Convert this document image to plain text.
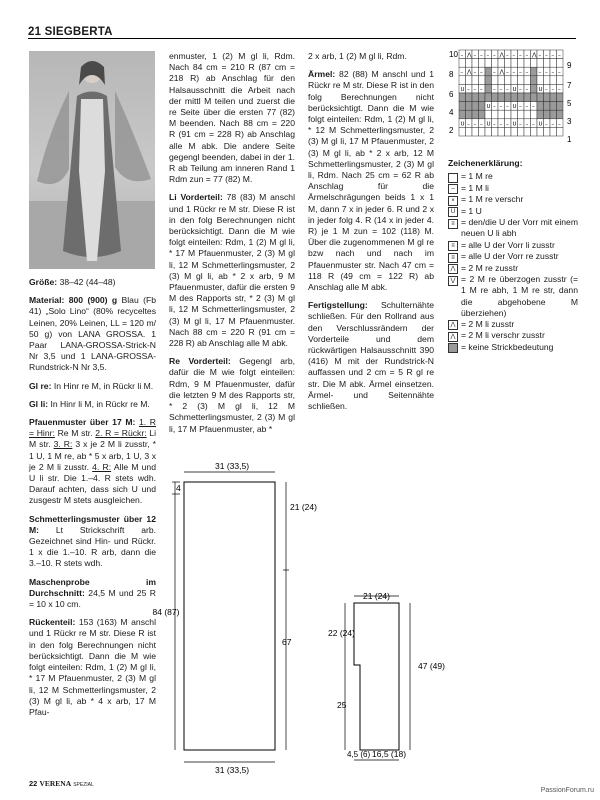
21 SIEGBERTA

Größe: 38–42 (44–48)

Material: 800 (900) g Blau (Fb 41) „Solo Lino“ (80% recyceltes Leinen, 20% Leinen, LL = 120 m/ 50 g) von LANA GROSSA. 1 Paar LANA-GROSSA-Strick-N Nr 3,5 und 1 LANA-GROSSA-Rundstrick-N Nr 3,5.

Gl re: In Hinr re M, in Rückr li M.

Gl li: In Hinr li M, in Rückr re M.

Pfauenmuster über 17 M: 1. R = Hinr: Re M str. 2. R = Rückr: Li M str. 3. R: 3 x je 2 M li zusstr, * 1 U, 1 M re, ab * 5 x arb, 1 U, 3 x je 2 M li zusstr. 4. R: Alle M und U li str. Die 1.–4. R stets wdh. Darauf achten, dass sich U und zusgestr M stets ausgleichen.

Schmetterlingsmuster über 12 M: Lt Strickschrift arb. Gezeichnet sind Hin- und Rückr. 1 x die 1.–10. R arb, dann die 3.–10. R stets wdh.

Maschenprobe im Durchschnitt: 24,5 M und 25 R = 10 x 10 cm.

Rückenteil: 153 (163) M anschl und 1 Rückr re M str. Diese R ist in den folg Berechnungen nicht berücksichtigt. Dann die M wie folgt einteilen: Rdm, 1 (2) M gl li, * 17 M Pfauenmuster, 2 (3) M gl li, 12 M Schmetterlingsmuster, 2 (3) M gl li, ab * 4 x arb, 17 M Pfau-

enmuster, 1 (2) M gl li, Rdm. Nach 84 cm = 210 R (87 cm = 218 R) ab Anschlag für den Halsausschnitt die Arbeit nach der mittl M teilen und zuerst die re Seite über die ersten 77 (82) M beenden. Nach 88 cm = 220 R (91 cm = 228 R) ab Anschlag alle M abk. Die andere Seite gegengl beenden, dabei in der 1. R ab Teilung am inneren Rand 1 Rdm zun = 77 (82) M.

Li Vorderteil: 78 (83) M anschl und 1 Rückr re M str. Diese R ist in den folg Berechnungen nicht berücksichtigt. Dann die M wie folgt einteilen: Rdm, 1 (2) M gl li, * 17 M Pfauenmuster, 2 (3) M gl li, 12 M Schmetterlingsmuster, 2 (3) M gl li, ab * 2 x arb, 9 M Pfauenmuster, dafür die ersten 9 M des Rapports str, * 2 (3) M gl li, 12 M Schmetterlingsmuster, 2 (3) M gl li, 17 M Pfauenmuster. Nach 88 cm = 220 R (91 cm = 228 R) ab Anschlag alle M abk.

Re Vorderteil: Gegengl arb, dafür die M wie folgt einteilen: Rdm, 9 M Pfauenmuster, dafür die letzten 9 M des Rapports str, * 2 (3) M gl li, 12 M Schmetterlingsmuster, 2 (3) M gl li, 17 M Pfauenmuster, ab *

2 x arb, 1 (2) M gl li, Rdm.

Ärmel: 82 (88) M anschl und 1 Rückr re M str. Diese R ist in den folg Berechnungen nicht berücksichtigt. Dann die M wie folgt einteilen: Rdm, 1 (2) M gl li, * 12 M Schmetterlingsmuster, 2 (3) M gl li, 17 M Pfauenmuster, 2 (3) M gl li, ab * 2 x arb, 12 M Schmetterlingsmuster, 2 (3) M gl li, Rdm. Nach 25 cm = 62 R ab Anschlag für die Ärmelschrägungen beids 1 x 1 M, dann 7 x in jeder 6. R und 2 x in jeder folg 4. R (14 x in jeder 4. R) je 1 M zun = 102 (118) M. Über die zugenommenen M gl re bzw nach und nach im Pfauenmuster str. Nach 47 cm = 118 R (49 cm = 122 R) ab Anschlag alle M abk.

Fertigstellung: Schulternähte schließen. Für den Rollrand aus den Verschlussrändern der Vorderteile und dem rückwärtigen Halsausschnitt 390 (416) M mit der Rundstrick-N auffassen und 2 cm = 5 R gl re str. Die M abk. Ärmel einsetzen. Ärmel- und Seitennähte schließen.

– ⋀ – – – – ⋀ – – – – ⋀ – – – –
– ⋀ – – – ⋀ – – – – – – – –
U – – – – – – U – – U – – –
U – – – U – – –
U – – – U – – – U – – – U – – –
10
8
6
4
2
9
7
5
3
1
Zeichenerklärung:
= 1 M re
– = 1 M li
× = 1 M re verschr
U = 1 U
≡ = den/die U der Vorr mit einem neuen U li abh
≡ = alle U der Vorr li zusstr
≡ = alle U der Vorr re zusstr
⋀ = 2 M re zusstr
⋁ = 2 M re überzogen zusstr (= 1 M re abh, 1 M re str, dann die abgehobene M überziehen)
⋀ = 2 M li zusstr
⋀ = 2 M li verschr zusstr
= keine Strickbedeutung
31 (33,5)
31 (33,5)
4
84 (87)
21 (24)
67
21 (24)
22 (24)
25
47 (49)
4,5 (6) 16,5 (18)
22 VERENA SPEZIAL
PassionForum.ru
